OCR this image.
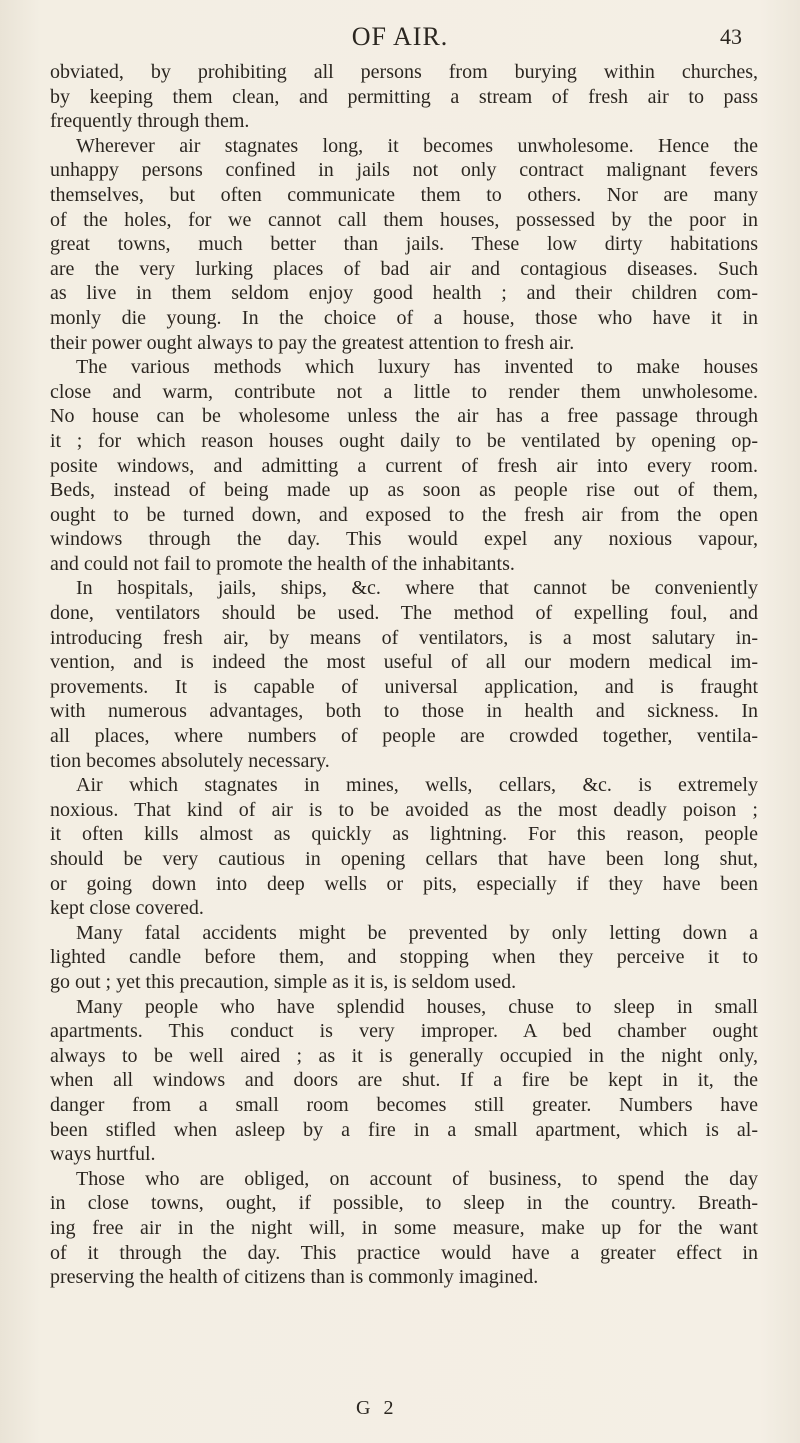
OF AIR.	43
obviated, by prohibiting all persons from burying within churches,
by keeping them clean, and permitting a stream of fresh air to pass
frequently through them.
Wherever air stagnates long, it becomes unwholesome. Hence the
unhappy persons confined in jails not only contract malignant fevers
themselves, but often communicate them to others. Nor are many
of the holes, for we cannot call them houses, possessed by the poor in
great towns, much better than jails. These low dirty habitations
are the very lurking places of bad air and contagious diseases. Such
as live in them seldom enjoy good health ; and their children com-
monly die young. In the choice of a house, those who have it in
their power ought always to pay the greatest attention to fresh air.
The various methods which luxury has invented to make houses
close and warm, contribute not a little to render them unwholesome.
No house can be wholesome unless the air has a free passage through
it ; for which reason houses ought daily to be ventilated by opening op-
posite windows, and admitting a current of fresh air into every room.
Beds, instead of being made up as soon as people rise out of them,
ought to be turned down, and exposed to the fresh air from the open
windows through the day. This would expel any noxious vapour,
and could not fail to promote the health of the inhabitants.
In hospitals, jails, ships, &c. where that cannot be conveniently
done, ventilators should be used. The method of expelling foul, and
introducing fresh air, by means of ventilators, is a most salutary in-
vention, and is indeed the most useful of all our modern medical im-
provements. It is capable of universal application, and is fraught
with numerous advantages, both to those in health and sickness. In
all places, where numbers of people are crowded together, ventila-
tion becomes absolutely necessary.
Air which stagnates in mines, wells, cellars, &c. is extremely
noxious. That kind of air is to be avoided as the most deadly poison ;
it often kills almost as quickly as lightning. For this reason, people
should be very cautious in opening cellars that have been long shut,
or going down into deep wells or pits, especially if they have been
kept close covered.
Many fatal accidents might be prevented by only letting down a
lighted candle before them, and stopping when they perceive it to
go out ; yet this precaution, simple as it is, is seldom used.
Many people who have splendid houses, chuse to sleep in small
apartments. This conduct is very improper. A bed chamber ought
always to be well aired ; as it is generally occupied in the night only,
when all windows and doors are shut. If a fire be kept in it, the
danger from a small room becomes still greater. Numbers have
been stifled when asleep by a fire in a small apartment, which is al-
ways hurtful.
Those who are obliged, on account of business, to spend the day
in close towns, ought, if possible, to sleep in the country. Breath-
ing free air in the night will, in some measure, make up for the want
of it through the day. This practice would have a greater effect in
preserving the health of citizens than is commonly imagined.
G 2
